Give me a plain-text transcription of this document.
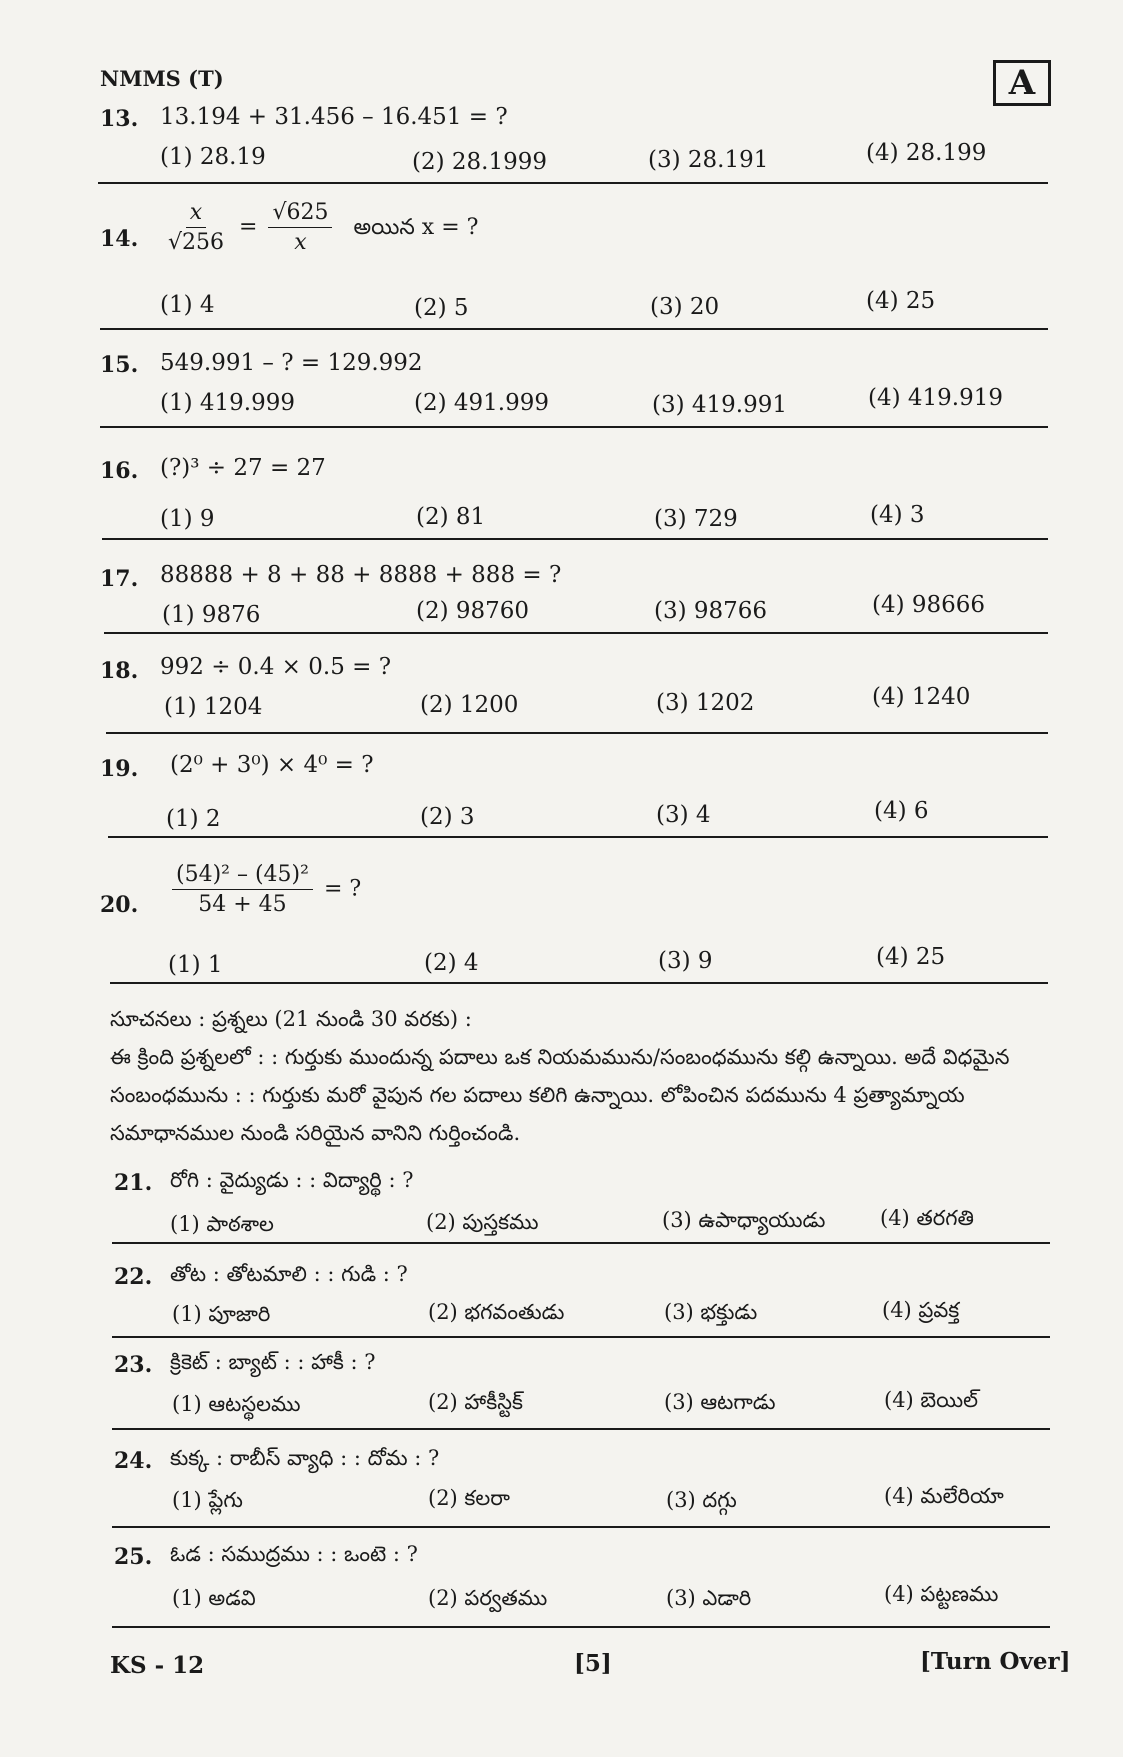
NMMS (T)	A
13. 13.194 + 31.456 – 16.451 = ?
(1) 28.19	(2) 28.1999	(3) 28.191	(4) 28.199
14. $\frac{x}{√256} = \frac{√625}{x}$ అయిన x = ?
(1) 4	(2) 5	(3) 20	(4) 25
15. 549.991 – ? = 129.992
(1) 419.999	(2) 491.999	(3) 419.991	(4) 419.919
16. (?)³ ÷ 27 = 27
(1) 9	(2) 81	(3) 729	(4) 3
17. 88888 + 8 + 88 + 8888 + 888 = ?
(1) 9876	(2) 98760	(3) 98766	(4) 98666
18. 992 ÷ 0.4 × 0.5 = ?
(1) 1204	(2) 1200	(3) 1202	(4) 1240
19. (2⁰ + 3⁰) × 4⁰ = ?
(1) 2	(2) 3	(3) 4	(4) 6
20. $\frac{\text{(54)² – (45)²}}{54 + 45}$ = ?
(1) 1	(2) 4	(3) 9	(4) 25
సూచనలు : ప్రశ్నలు (21 నుండి 30 వరకు) :
ఈ క్రింది ప్రశ్నలలో : : గుర్తుకు ముందున్న పదాలు ఒక నియమమును/సంబంధమును కల్గి ఉన్నాయి. అదే విధమైన సంబంధమును : : గుర్తుకు మరో వైపున గల పదాలు కలిగి ఉన్నాయి. లోపించిన పదమును 4 ప్రత్యామ్నాయ సమాధానముల నుండి సరియైన వానిని గుర్తించండి.
21. రోగి : వైద్యుడు : : విద్యార్థి : ?
(1) పాఠశాల	(2) పుస్తకము	(3) ఉపాధ్యాయుడు	(4) తరగతి
22. తోట : తోటమాలి : : గుడి : ?
(1) పూజారి	(2) భగవంతుడు	(3) భక్తుడు	(4) ప్రవక్త
23. క్రికెట్ : బ్యాట్ : : హాకీ : ?
(1) ఆటస్థలము	(2) హాకీస్టిక్	(3) ఆటగాడు	(4) బెయిల్
24. కుక్క : రాబీస్ వ్యాధి : : దోమ : ?
(1) ప్లేగు	(2) కలరా	(3) దగ్గు	(4) మలేరియా
25. ఓడ : సముద్రము : : ఒంటె : ?
(1) అడవి	(2) పర్వతము	(3) ఎడారి	(4) పట్టణము
KS - 12	[5]	[Turn Over]
